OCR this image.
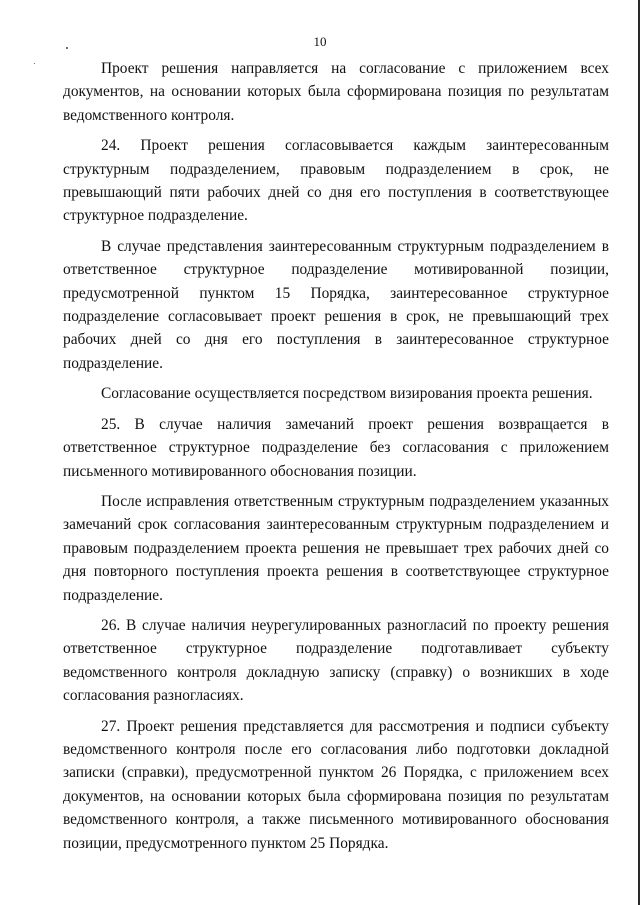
10

Проект решения направляется на согласование с приложением всех документов, на основании которых была сформирована позиция по результатам ведомственного контроля.

24. Проект решения согласовывается каждым заинтересованным структурным подразделением, правовым подразделением в срок, не превышающий пяти рабочих дней со дня его поступления в соответствующее структурное подразделение.

В случае представления заинтересованным структурным подразделением в ответственное структурное подразделение мотивированной позиции, предусмотренной пунктом 15 Порядка, заинтересованное структурное подразделение согласовывает проект решения в срок, не превышающий трех рабочих дней со дня его поступления в заинтересованное структурное подразделение.

Согласование осуществляется посредством визирования проекта решения.

25. В случае наличия замечаний проект решения возвращается в ответственное структурное подразделение без согласования с приложением письменного мотивированного обоснования позиции.

После исправления ответственным структурным подразделением указанных замечаний срок согласования заинтересованным структурным подразделением и правовым подразделением проекта решения не превышает трех рабочих дней со дня повторного поступления проекта решения в соответствующее структурное подразделение.

26. В случае наличия неурегулированных разногласий по проекту решения ответственное структурное подразделение подготавливает субъекту ведомственного контроля докладную записку (справку) о возникших в ходе согласования разногласиях.

27. Проект решения представляется для рассмотрения и подписи субъекту ведомственного контроля после его согласования либо подготовки докладной записки (справки), предусмотренной пунктом 26 Порядка, с приложением всех документов, на основании которых была сформирована позиция по результатам ведомственного контроля, а также письменного мотивированного обоснования позиции, предусмотренного пунктом 25 Порядка.
